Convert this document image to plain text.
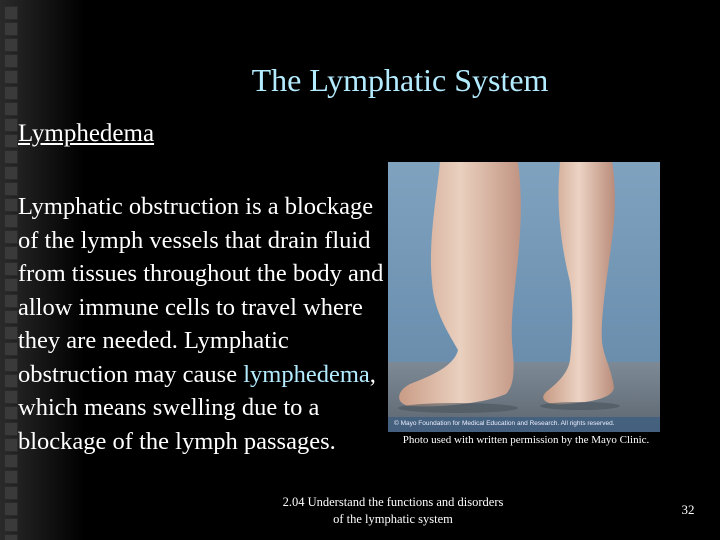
The Lymphatic System
Lymphedema
Lymphatic obstruction is a blockage of the lymph vessels that drain fluid from tissues throughout the body and allow immune cells to travel where they are needed. Lymphatic obstruction may cause lymphedema, which means swelling due to a blockage of the lymph passages.
© Mayo Foundation for Medical Education and Research. All rights reserved.
Photo used with written permission by the Mayo Clinic.
2.04 Understand the functions and disorders of the lymphatic system
32
